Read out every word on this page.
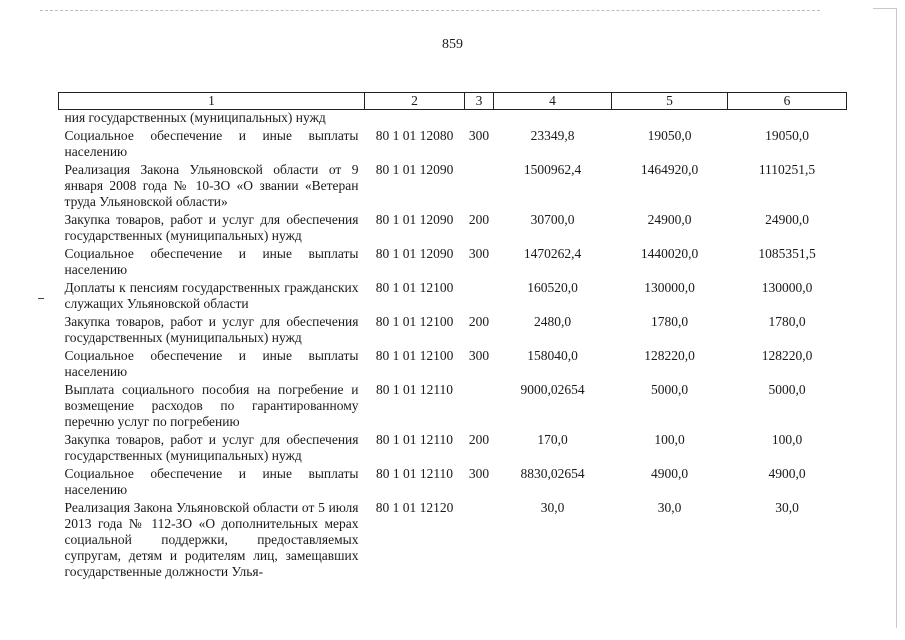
859
1	2	3	4	5	6
ния государственных (муниципальных) нужд					
Социальное обеспечение и иные выплаты населению	80 1 01 12080	300	23349,8	19050,0	19050,0
Реализация Закона Ульяновской области от 9 января 2008 года № 10-ЗО «О звании «Ветеран труда Ульяновской области»	80 1 01 12090		1500962,4	1464920,0	1110251,5
Закупка товаров, работ и услуг для обеспечения государственных (муниципальных) нужд	80 1 01 12090	200	30700,0	24900,0	24900,0
Социальное обеспечение и иные выплаты населению	80 1 01 12090	300	1470262,4	1440020,0	1085351,5
Доплаты к пенсиям государственных гражданских служащих Ульяновской области	80 1 01 12100		160520,0	130000,0	130000,0
Закупка товаров, работ и услуг для обеспечения государственных (муниципальных) нужд	80 1 01 12100	200	2480,0	1780,0	1780,0
Социальное обеспечение и иные выплаты населению	80 1 01 12100	300	158040,0	128220,0	128220,0
Выплата социального пособия на погребение и возмещение расходов по гарантированному перечню услуг по погребению	80 1 01 12110		9000,02654	5000,0	5000,0
Закупка товаров, работ и услуг для обеспечения государственных (муниципальных) нужд	80 1 01 12110	200	170,0	100,0	100,0
Социальное обеспечение и иные выплаты населению	80 1 01 12110	300	8830,02654	4900,0	4900,0
Реализация Закона Ульяновской области от 5 июля 2013 года № 112-ЗО «О дополнительных мерах социальной поддержки, предоставляемых супругам, детям и родителям лиц, замещавших государственные должности Улья-	80 1 01 12120		30,0	30,0	30,0
